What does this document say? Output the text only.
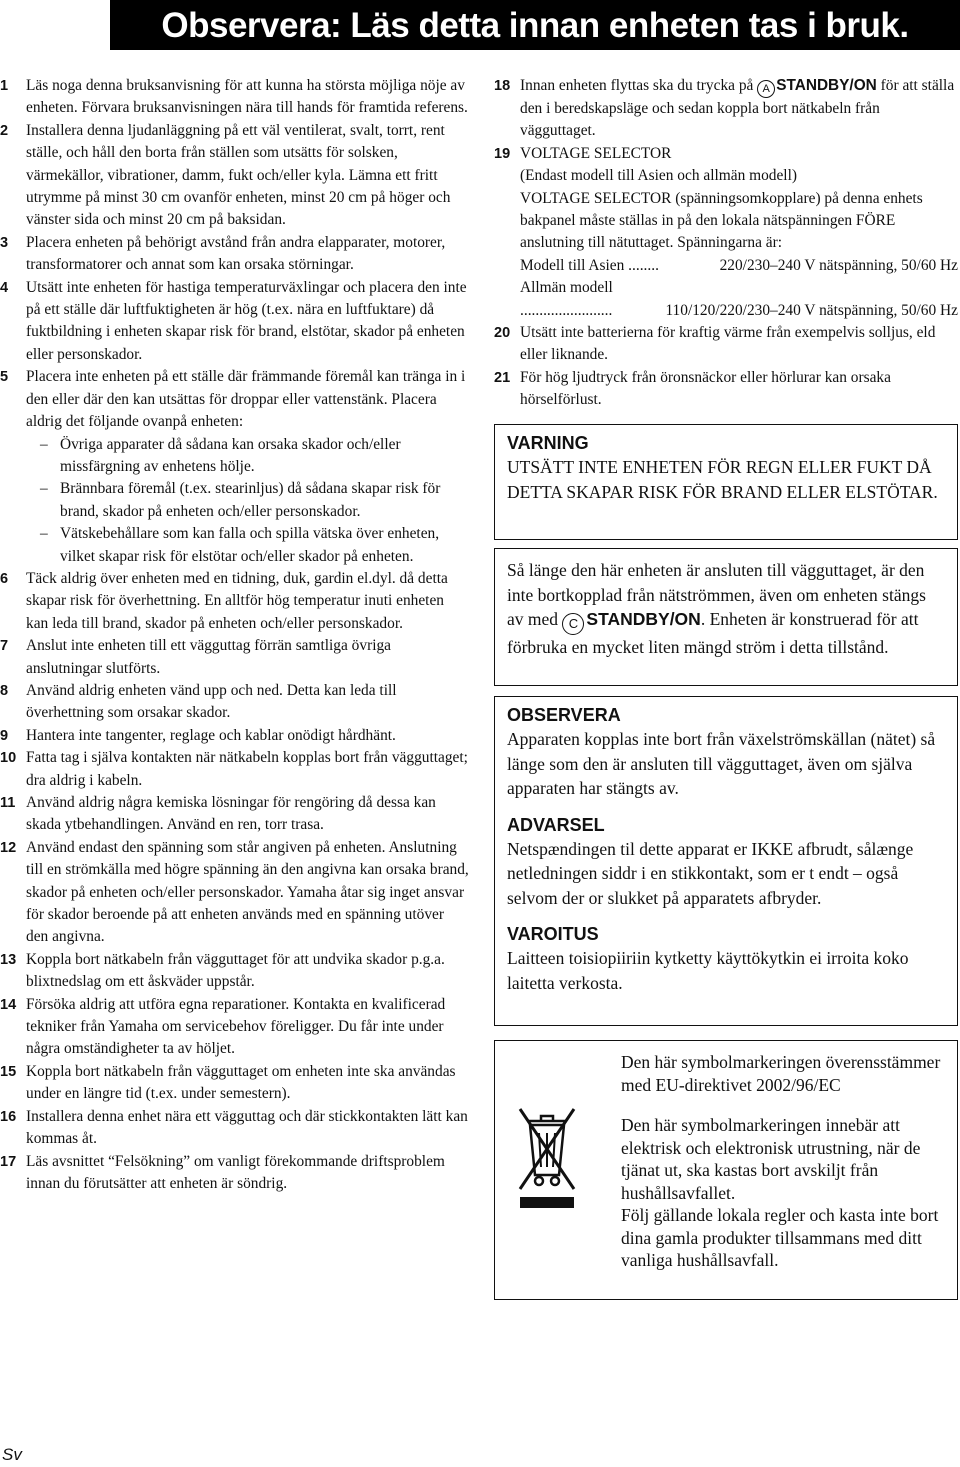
Observera: Läs detta innan enheten tas i bruk.
1 Läs noga denna bruksanvisning för att kunna ha största möjliga nöje av enheten. Förvara bruksanvisningen nära till hands för framtida referens.
2 Installera denna ljudanläggning på ett väl ventilerat, svalt, torrt, rent ställe, och håll den borta från ställen som utsätts för solsken, värmekällor, vibrationer, damm, fukt och/eller kyla. Lämna ett fritt utrymme på minst 30 cm ovanför enheten, minst 20 cm på höger och vänster sida och minst 20 cm på baksidan.
3 Placera enheten på behörigt avstånd från andra elapparater, motorer, transformatorer och annat som kan orsaka störningar.
4 Utsätt inte enheten för hastiga temperaturväxlingar och placera den inte på ett ställe där luftfuktigheten är hög (t.ex. nära en luftfuktare) då fuktbildning i enheten skapar risk för brand, elstötar, skador på enheten eller personskador.
5 Placera inte enheten på ett ställe där främmande föremål kan tränga in i den eller där den kan utsättas för droppar eller vattenstänk. Placera aldrig det följande ovanpå enheten:
– Övriga apparater då sådana kan orsaka skador och/eller missfärgning av enhetens hölje.
– Brännbara föremål (t.ex. stearinljus) då sådana skapar risk för brand, skador på enheten och/eller personskador.
– Vätskebehållare som kan falla och spilla vätska över enheten, vilket skapar risk för elstötar och/eller skador på enheten.
6 Täck aldrig över enheten med en tidning, duk, gardin el.dyl. då detta skapar risk för överhettning. En alltför hög temperatur inuti enheten kan leda till brand, skador på enheten och/eller personskador.
7 Anslut inte enheten till ett vägguttag förrän samtliga övriga anslutningar slutförts.
8 Använd aldrig enheten vänd upp och ned. Detta kan leda till överhettning som orsakar skador.
9 Hantera inte tangenter, reglage och kablar onödigt hårdhänt.
10 Fatta tag i själva kontakten när nätkabeln kopplas bort från vägguttaget; dra aldrig i kabeln.
11 Använd aldrig några kemiska lösningar för rengöring då dessa kan skada ytbehandlingen. Använd en ren, torr trasa.
12 Använd endast den spänning som står angiven på enheten. Anslutning till en strömkälla med högre spänning än den angivna kan orsaka brand, skador på enheten och/eller personskador. Yamaha åtar sig inget ansvar för skador beroende på att enheten används med en spänning utöver den angivna.
13 Koppla bort nätkabeln från vägguttaget för att undvika skador p.g.a. blixtnedslag om ett åskväder uppstår.
14 Försöka aldrig att utföra egna reparationer. Kontakta en kvalificerad tekniker från Yamaha om servicebehov föreligger. Du får inte under några omständigheter ta av höljet.
15 Koppla bort nätkabeln från vägguttaget om enheten inte ska användas under en längre tid (t.ex. under semestern).
16 Installera denna enhet nära ett vägguttag och där stickkontakten lätt kan kommas åt.
17 Läs avsnittet “Felsökning” om vanligt förekommande driftsproblem innan du förutsätter att enheten är söndrig.
18 Innan enheten flyttas ska du trycka på A STANDBY/ON för att ställa den i beredskapsläge och sedan koppla bort nätkabeln från vägguttaget.
19 VOLTAGE SELECTOR
(Endast modell till Asien och allmän modell)
VOLTAGE SELECTOR (spänningsomkopplare) på denna enhets bakpanel måste ställas in på den lokala nätspänningen FÖRE anslutning till nätuttaget. Spänningarna är:
Modell till Asien ........	220/230–240 V nätspänning, 50/60 Hz
Allmän modell
........................	110/120/220/230–240 V nätspänning, 50/60 Hz
20 Utsätt inte batterierna för kraftig värme från exempelvis solljus, eld eller liknande.
21 För hög ljudtryck från öronsnäckor eller hörlurar kan orsaka hörselförlust.
VARNING
UTSÄTT INTE ENHETEN FÖR REGN ELLER FUKT DÅ DETTA SKAPAR RISK FÖR BRAND ELLER ELSTÖTAR.
Så länge den här enheten är ansluten till vägguttaget, är den inte bortkopplad från nätströmmen, även om enheten stängs av med C STANDBY/ON. Enheten är konstruerad för att förbruka en mycket liten mängd ström i detta tillstånd.
OBSERVERA
Apparaten kopplas inte bort från växelströmskällan (nätet) så länge som den är ansluten till vägguttaget, även om själva apparaten har stängts av.
ADVARSEL
Netspændingen til dette apparat er IKKE afbrudt, sålænge netledningen siddr i en stikkontakt, som er t endt – også selvom der or slukket på apparatets afbryder.
VAROITUS
Laitteen toisiopiiriin kytketty käyttökytkin ei irroita koko laitetta verkosta.
Den här symbolmarkeringen överensstämmer med EU-direktivet 2002/96/EC
Den här symbolmarkeringen innebär att elektrisk och elektronisk utrustning, när de tjänat ut, ska kastas bort avskiljt från hushållsavfallet.
Följ gällande lokala regler och kasta inte bort dina gamla produkter tillsammans med ditt vanliga hushållsavfall.
Sv
